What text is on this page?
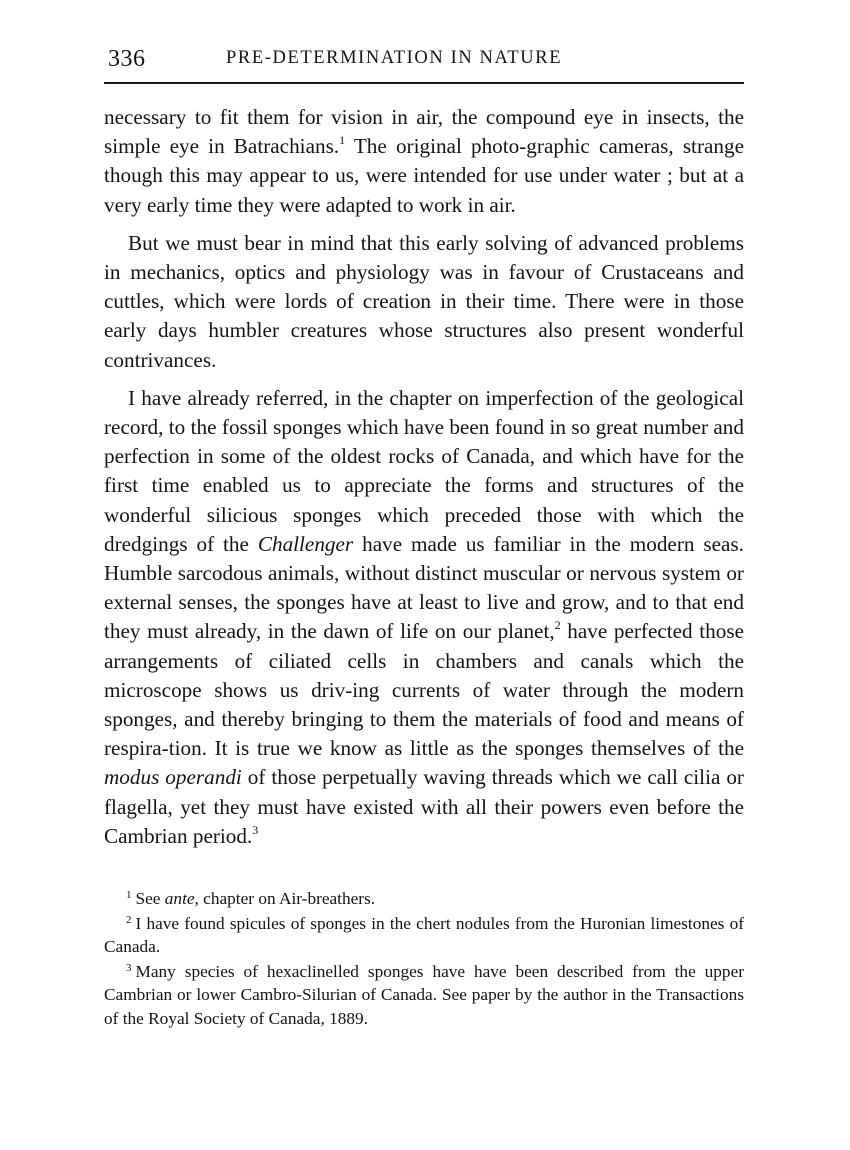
336	PRE-DETERMINATION IN NATURE

necessary to fit them for vision in air, the compound eye in insects, the simple eye in Batrachians.$^1$ The original photo-graphic cameras, strange though this may appear to us, were intended for use under water ; but at a very early time they were adapted to work in air.

But we must bear in mind that this early solving of advanced problems in mechanics, optics and physiology was in favour of Crustaceans and cuttles, which were lords of creation in their time. There were in those early days humbler creatures whose structures also present wonderful contrivances.

I have already referred, in the chapter on imperfection of the geological record, to the fossil sponges which have been found in so great number and perfection in some of the oldest rocks of Canada, and which have for the first time enabled us to appreciate the forms and structures of the wonderful silicious sponges which preceded those with which the dredgings of the Challenger have made us familiar in the modern seas. Humble sarcodous animals, without distinct muscular or nervous system or external senses, the sponges have at least to live and grow, and to that end they must already, in the dawn of life on our planet,$^2$ have perfected those arrangements of ciliated cells in chambers and canals which the microscope shows us driv-ing currents of water through the modern sponges, and thereby bringing to them the materials of food and means of respira-tion. It is true we know as little as the sponges themselves of the modus operandi of those perpetually waving threads which we call cilia or flagella, yet they must have existed with all their powers even before the Cambrian period.$^3$

$^1$ See ante, chapter on Air-breathers.

$^2$ I have found spicules of sponges in the chert nodules from the Huronian limestones of Canada.

$^3$ Many species of hexaclinelled sponges have have been described from the upper Cambrian or lower Cambro-Silurian of Canada. See paper by the author in the Transactions of the Royal Society of Canada, 1889.
